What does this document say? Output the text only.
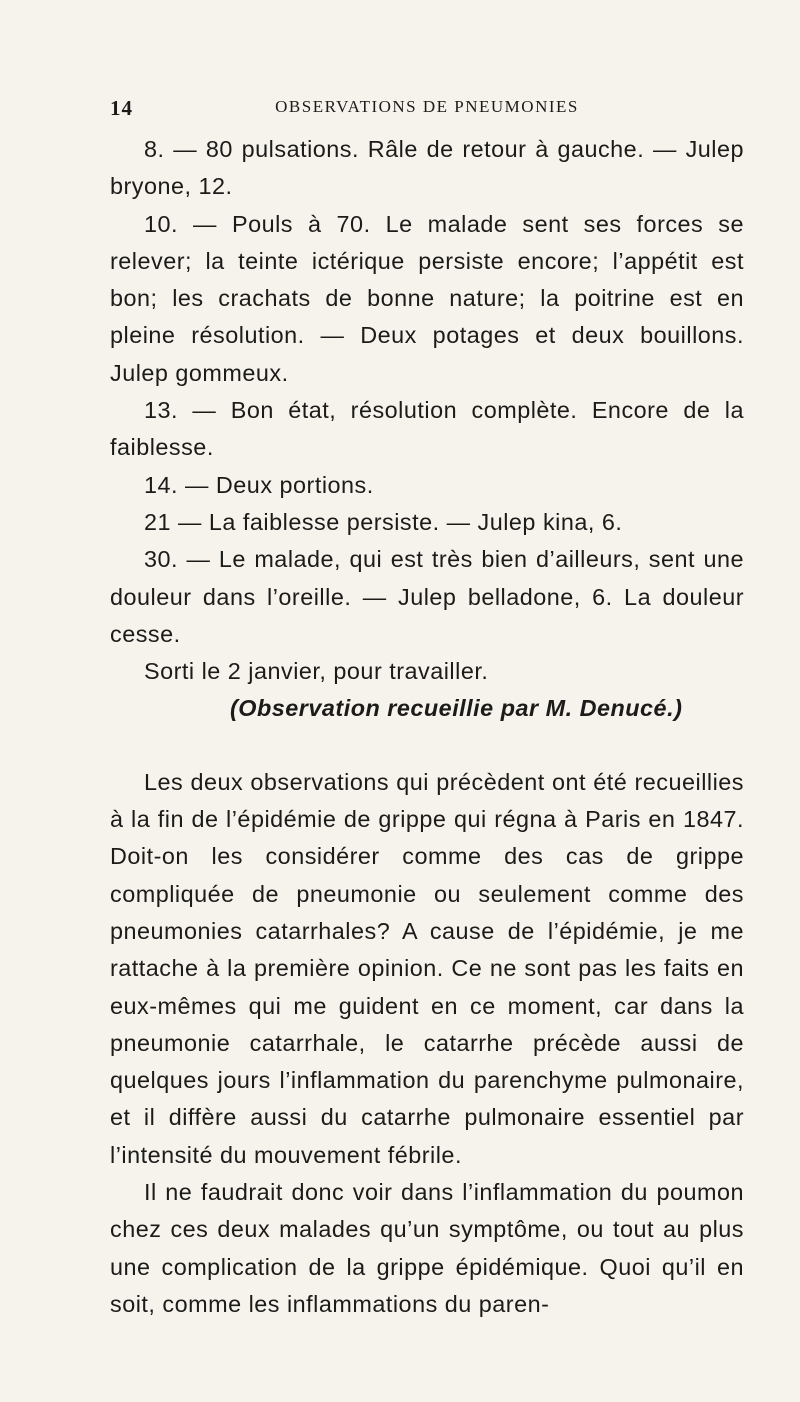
14	OBSERVATIONS DE PNEUMONIES

8. — 80 pulsations. Râle de retour à gauche. — Julep bryone, 12.

10. — Pouls à 70. Le malade sent ses forces se relever; la teinte ictérique persiste encore; l’appétit est bon; les crachats de bonne nature; la poitrine est en pleine résolution. — Deux potages et deux bouillons. Julep gommeux.

13. — Bon état, résolution complète. Encore de la faiblesse.

14. — Deux portions.

21 — La faiblesse persiste. — Julep kina, 6.

30. — Le malade, qui est très bien d’ailleurs, sent une douleur dans l’oreille. — Julep belladone, 6. La douleur cesse.

Sorti le 2 janvier, pour travailler.

(Observation recueillie par M. Denucé.)

Les deux observations qui précèdent ont été recueillies à la fin de l’épidémie de grippe qui régna à Paris en 1847. Doit-on les considérer comme des cas de grippe compliquée de pneumonie ou seulement comme des pneumonies catarrhales? A cause de l’épidémie, je me rattache à la première opinion. Ce ne sont pas les faits en eux-mêmes qui me guident en ce moment, car dans la pneumonie catarrhale, le catarrhe précède aussi de quelques jours l’inflammation du parenchyme pulmonaire, et il diffère aussi du catarrhe pulmonaire essentiel par l’intensité du mouvement fébrile.

Il ne faudrait donc voir dans l’inflammation du poumon chez ces deux malades qu’un symptôme, ou tout au plus une complication de la grippe épidémique. Quoi qu’il en soit, comme les inflammations du paren-
